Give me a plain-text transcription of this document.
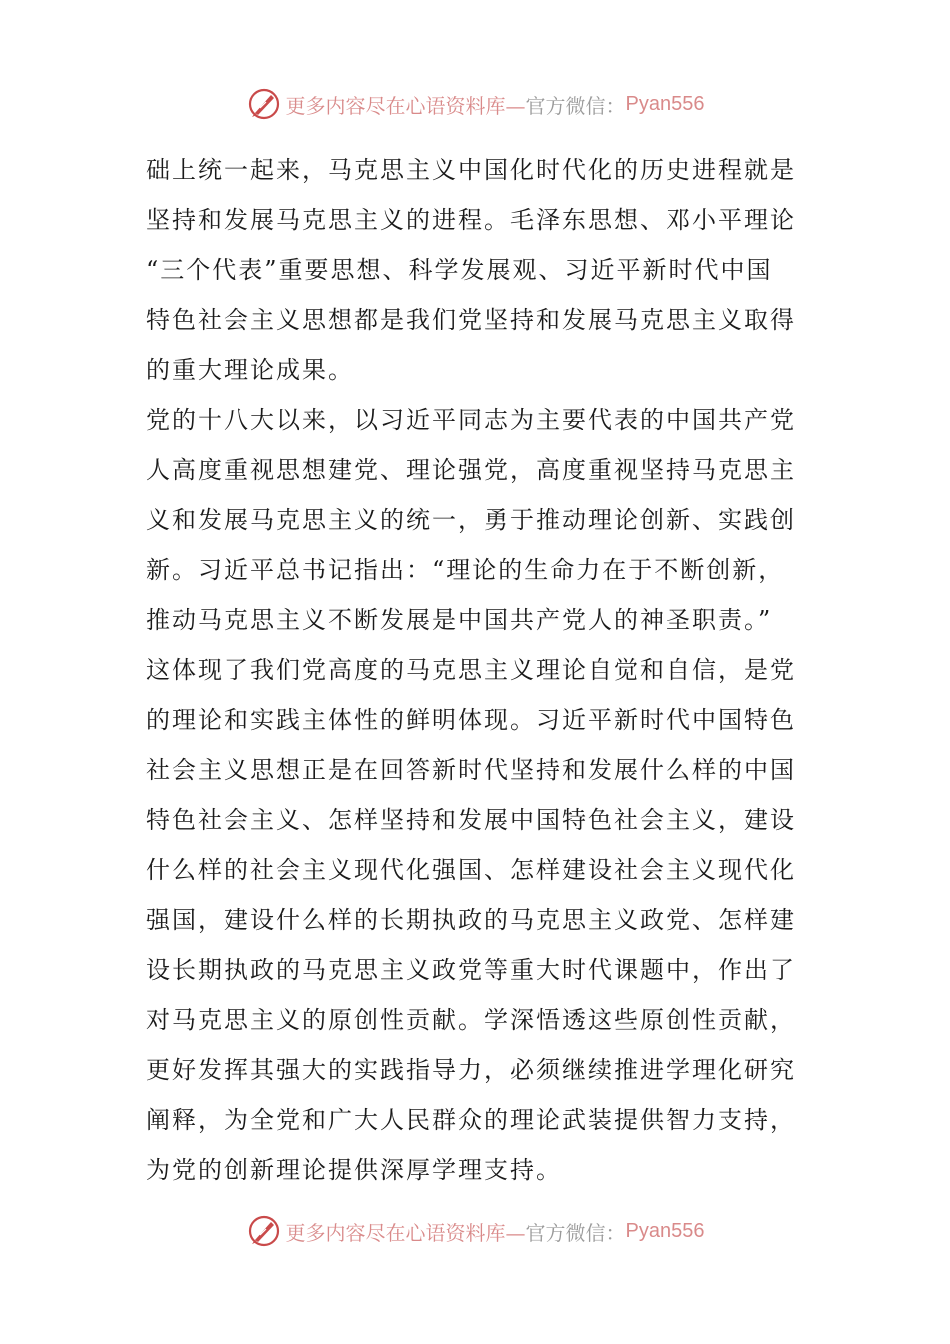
更多内容尽在心语资料库— 官方微信： Pyan556
础上统一起来，马克思主义中国化时代化的历史进程就是
坚持和发展马克思主义的进程。毛泽东思想、邓小平理论
“三个代表”重要思想、科学发展观、习近平新时代中国
特色社会主义思想都是我们党坚持和发展马克思主义取得
的重大理论成果。
党的十八大以来，以习近平同志为主要代表的中国共产党
人高度重视思想建党、理论强党，高度重视坚持马克思主
义和发展马克思主义的统一，勇于推动理论创新、实践创
新。习近平总书记指出：“理论的生命力在于不断创新，
推动马克思主义不断发展是中国共产党人的神圣职责。”
这体现了我们党高度的马克思主义理论自觉和自信，是党
的理论和实践主体性的鲜明体现。习近平新时代中国特色
社会主义思想正是在回答新时代坚持和发展什么样的中国
特色社会主义、怎样坚持和发展中国特色社会主义，建设
什么样的社会主义现代化强国、怎样建设社会主义现代化
强国，建设什么样的长期执政的马克思主义政党、怎样建
设长期执政的马克思主义政党等重大时代课题中，作出了
对马克思主义的原创性贡献。学深悟透这些原创性贡献，
更好发挥其强大的实践指导力，必须继续推进学理化研究
阐释，为全党和广大人民群众的理论武装提供智力支持，
为党的创新理论提供深厚学理支持。
更多内容尽在心语资料库— 官方微信： Pyan556
